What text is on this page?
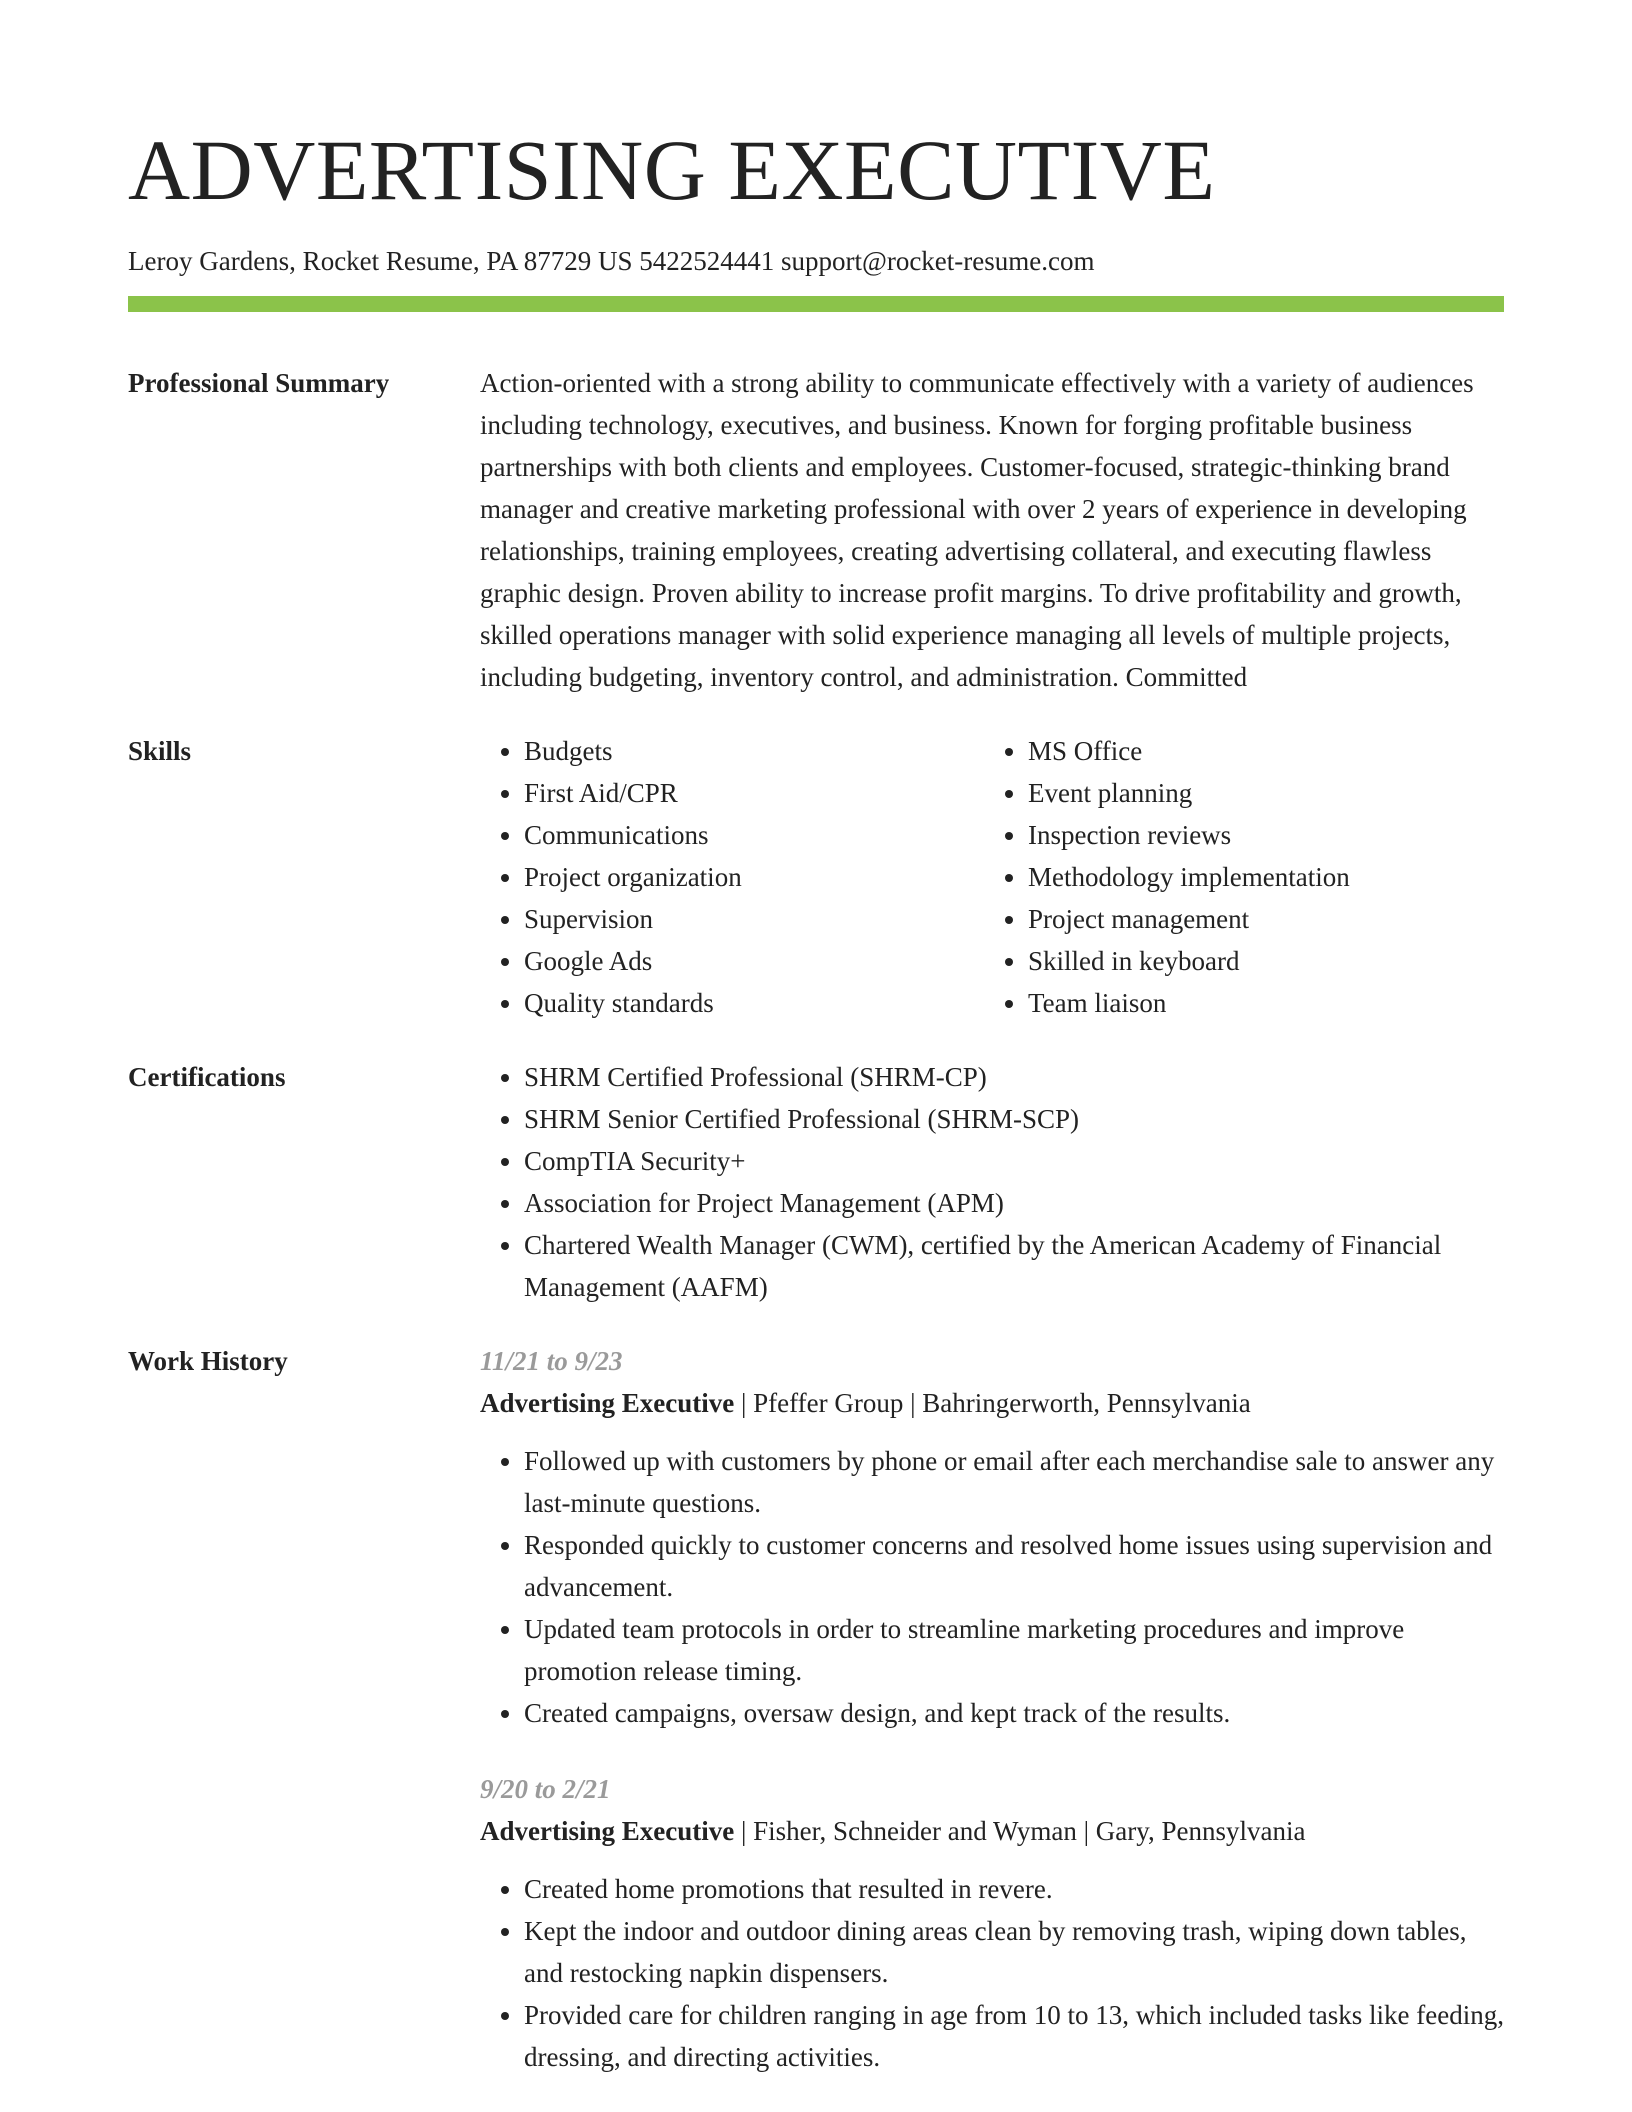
ADVERTISING EXECUTIVE
Leroy Gardens, Rocket Resume, PA 87729 US 5422524441 support@rocket-resume.com
Professional Summary	Action-oriented with a strong ability to communicate effectively with a variety of audiences including technology, executives, and business. Known for forging profitable business partnerships with both clients and employees. Customer-focused, strategic-thinking brand manager and creative marketing professional with over 2 years of experience in developing relationships, training employees, creating advertising collateral, and executing flawless graphic design. Proven ability to increase profit margins. To drive profitability and growth, skilled operations manager with solid experience managing all levels of multiple projects, including budgeting, inventory control, and administration. Committed
Skills	• Budgets
• First Aid/CPR
• Communications
• Project organization
• Supervision
• Google Ads
• Quality standards
• MS Office
• Event planning
• Inspection reviews
• Methodology implementation
• Project management
• Skilled in keyboard
• Team liaison
Certifications	• SHRM Certified Professional (SHRM-CP)
• SHRM Senior Certified Professional (SHRM-SCP)
• CompTIA Security+
• Association for Project Management (APM)
• Chartered Wealth Manager (CWM), certified by the American Academy of Financial Management (AAFM)
Work History	11/21 to 9/23
Advertising Executive | Pfeffer Group | Bahringerworth, Pennsylvania
• Followed up with customers by phone or email after each merchandise sale to answer any last-minute questions.
• Responded quickly to customer concerns and resolved home issues using supervision and advancement.
• Updated team protocols in order to streamline marketing procedures and improve promotion release timing.
• Created campaigns, oversaw design, and kept track of the results.
9/20 to 2/21
Advertising Executive | Fisher, Schneider and Wyman | Gary, Pennsylvania
• Created home promotions that resulted in revere.
• Kept the indoor and outdoor dining areas clean by removing trash, wiping down tables, and restocking napkin dispensers.
• Provided care for children ranging in age from 10 to 13, which included tasks like feeding, dressing, and directing activities.
